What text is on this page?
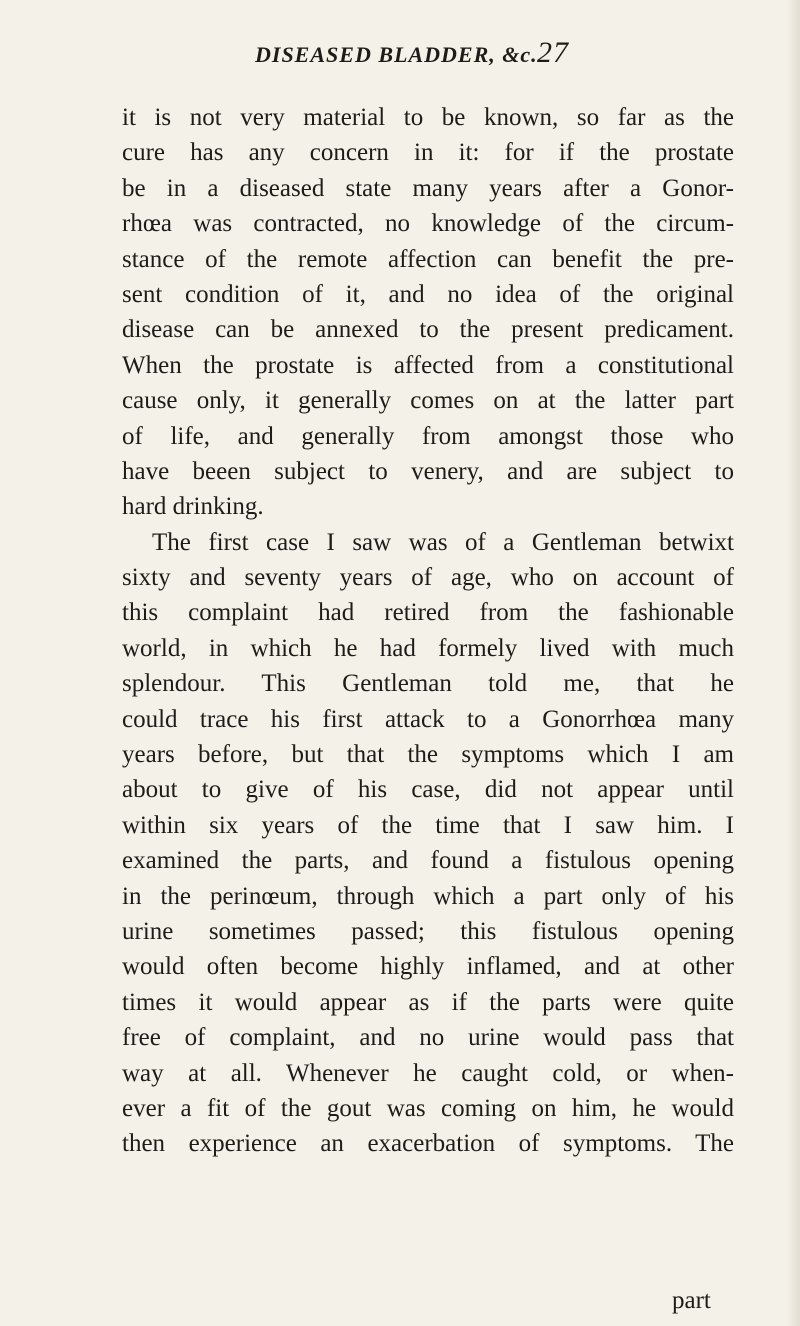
DISEASED BLADDER, &c. 27
it is not very material to be known, so far as the
cure has any concern in it: for if the prostate
be in a diseased state many years after a Gonor-
rhœa was contracted, no knowledge of the circum-
stance of the remote affection can benefit the pre-
sent condition of it, and no idea of the original
disease can be annexed to the present predicament.
When the prostate is affected from a constitutional
cause only, it generally comes on at the latter part
of life, and generally from amongst those who
have beeen subject to venery, and are subject to
hard drinking.
The first case I saw was of a Gentleman betwixt
sixty and seventy years of age, who on account of
this complaint had retired from the fashionable
world, in which he had formely lived with much
splendour. This Gentleman told me, that he
could trace his first attack to a Gonorrhœa many
years before, but that the symptoms which I am
about to give of his case, did not appear until
within six years of the time that I saw him. I
examined the parts, and found a fistulous opening
in the perinœum, through which a part only of his
urine sometimes passed; this fistulous opening
would often become highly inflamed, and at other
times it would appear as if the parts were quite
free of complaint, and no urine would pass that
way at all. Whenever he caught cold, or when-
ever a fit of the gout was coming on him, he would
then experience an exacerbation of symptoms. The
part
